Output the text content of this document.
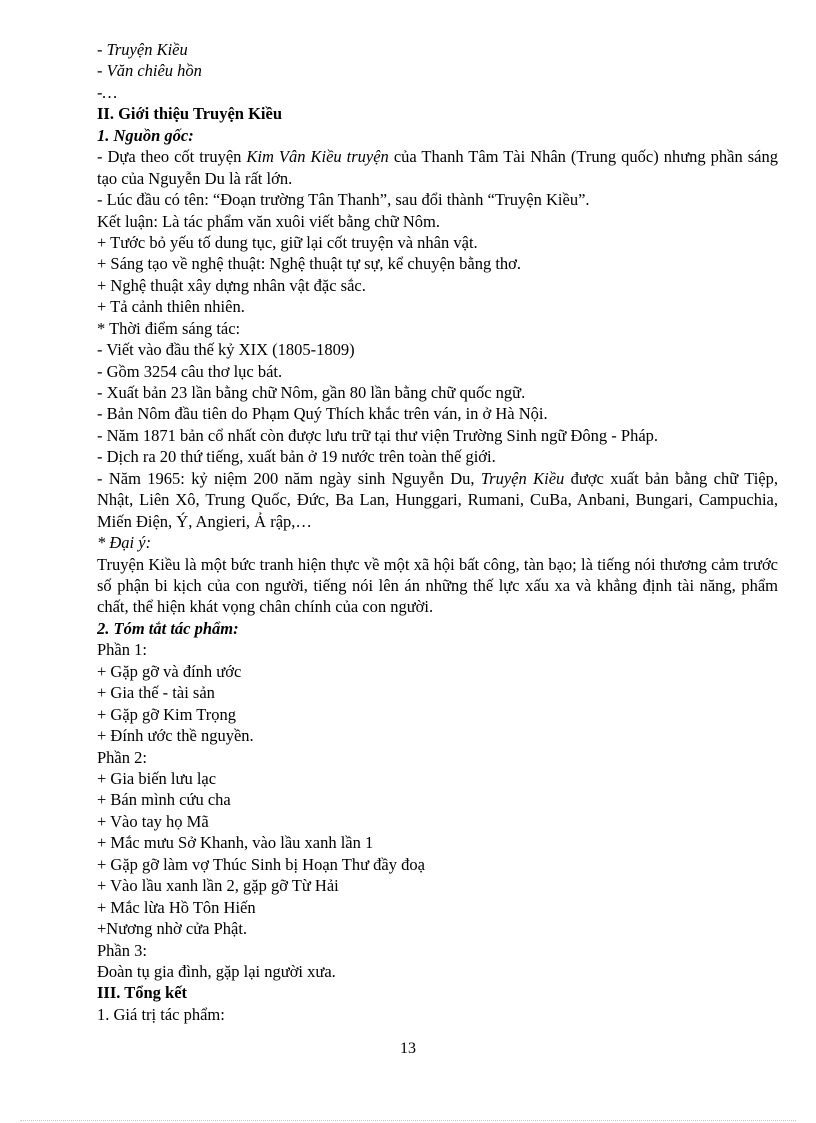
- Truyện Kiều
- Văn chiêu hồn
-…
II. Giới thiệu Truyện Kiều
1. Nguồn gốc:
- Dựa theo cốt truyện Kim Vân Kiều truyện của Thanh Tâm Tài Nhân (Trung quốc) nhưng phần sáng tạo của Nguyễn Du là rất lớn.
- Lúc đầu có tên: “Đoạn trường Tân Thanh”, sau đổi thành “Truyện Kiều”.
Kết luận: Là tác phẩm văn xuôi viết bằng chữ Nôm.
+ Tước bỏ yếu tố dung tục, giữ lại cốt truyện và nhân vật.
+ Sáng tạo về nghệ thuật: Nghệ thuật tự sự, kể chuyện bằng thơ.
+ Nghệ thuật xây dựng nhân vật đặc sắc.
+ Tả cảnh thiên nhiên.
* Thời điểm sáng tác:
- Viết vào đầu thế kỷ XIX (1805-1809)
- Gồm 3254 câu thơ lục bát.
- Xuất bản 23 lần bằng chữ Nôm, gần 80 lần bằng chữ quốc ngữ.
- Bản Nôm đầu tiên do Phạm Quý Thích khắc trên ván, in ở Hà Nội.
- Năm 1871 bản cổ nhất còn được lưu trữ tại thư viện Trường Sinh ngữ Đông - Pháp.
- Dịch ra 20 thứ tiếng, xuất bản ở 19 nước trên toàn thế giới.
- Năm 1965: kỷ niệm 200 năm ngày sinh Nguyễn Du, Truyện Kiều được xuất bản bằng chữ Tiệp, Nhật, Liên Xô, Trung Quốc, Đức, Ba Lan, Hunggari, Rumani, CuBa, Anbani, Bungari, Campuchia, Miến Điện, Ý, Angieri, Ả rập,…
* Đại ý:
Truyện Kiều là một bức tranh hiện thực về một xã hội bất công, tàn bạo; là tiếng nói thương cảm trước số phận bi kịch của con người, tiếng nói lên án những thế lực xấu xa và khẳng định tài năng, phẩm chất, thể hiện khát vọng chân chính của con người.
2. Tóm tắt tác phẩm:
Phần 1:
+ Gặp gỡ và đính ước
+ Gia thế - tài sản
+ Gặp gỡ Kim Trọng
+ Đính ước thề nguyền.
Phần 2:
+ Gia biến lưu lạc
+ Bán mình cứu cha
+ Vào tay họ Mã
+ Mắc mưu Sở Khanh, vào lầu xanh lần 1
+ Gặp gỡ làm vợ Thúc Sinh bị Hoạn Thư đầy đoạ
+ Vào lầu xanh lần 2, gặp gỡ Từ Hải
+ Mắc lừa Hồ Tôn Hiến
+Nương nhờ cửa Phật.
Phần 3:
Đoàn tụ gia đình, gặp lại người xưa.
III. Tổng kết
1. Giá trị tác phẩm:
13
